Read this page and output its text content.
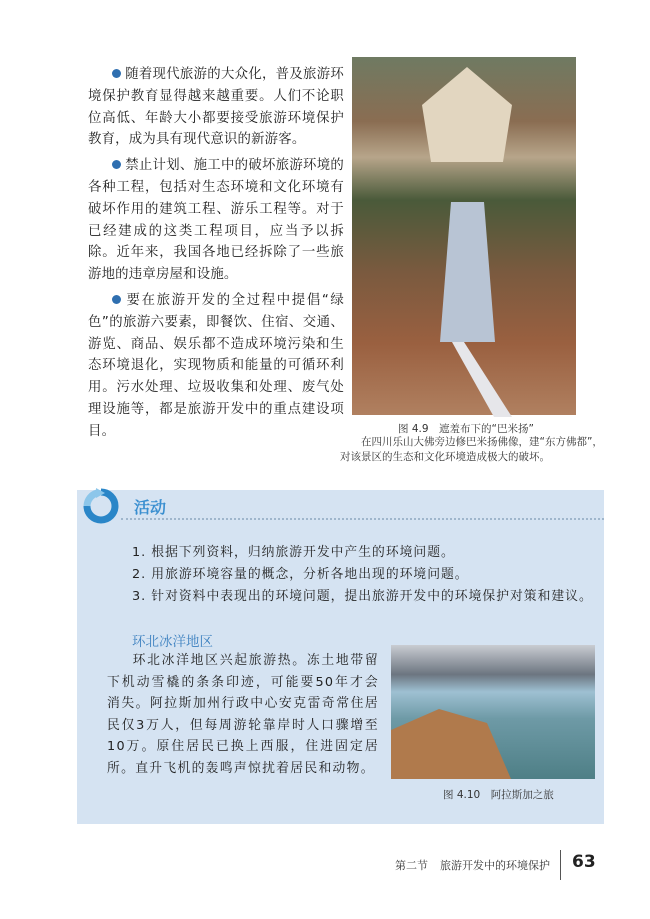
随着现代旅游的大众化，普及旅游环境保护教育显得越来越重要。人们不论职位高低、年龄大小都要接受旅游环境保护教育，成为具有现代意识的新游客。

禁止计划、施工中的破坏旅游环境的各种工程，包括对生态环境和文化环境有破坏作用的建筑工程、游乐工程等。对于已经建成的这类工程项目，应当予以拆除。近年来，我国各地已经拆除了一些旅游地的违章房屋和设施。

要在旅游开发的全过程中提倡“绿色”的旅游六要素，即餐饮、住宿、交通、游览、商品、娱乐都不造成环境污染和生态环境退化，实现物质和能量的可循环利用。污水处理、垃圾收集和处理、废气处理设施等，都是旅游开发中的重点建设项目。	图 4.9　遮羞布下的“巴米扬”
在四川乐山大佛旁边修巴米扬佛像，建“东方佛都”，对该景区的生态和文化环境造成极大的破坏。
活动
1. 根据下列资料，归纳旅游开发中产生的环境问题。
2. 用旅游环境容量的概念，分析各地出现的环境问题。
3. 针对资料中表现出的环境问题，提出旅游开发中的环境保护对策和建议。
环北冰洋地区
环北冰洋地区兴起旅游热。冻土地带留下机动雪橇的条条印迹，可能要50年才会消失。阿拉斯加州行政中心安克雷奇常住居民仅3万人，但每周游轮靠岸时人口骤增至10万。原住居民已换上西服，住进固定居所。直升飞机的轰鸣声惊扰着居民和动物。
图 4.10　阿拉斯加之旅
第二节 旅游开发中的环境保护 63
